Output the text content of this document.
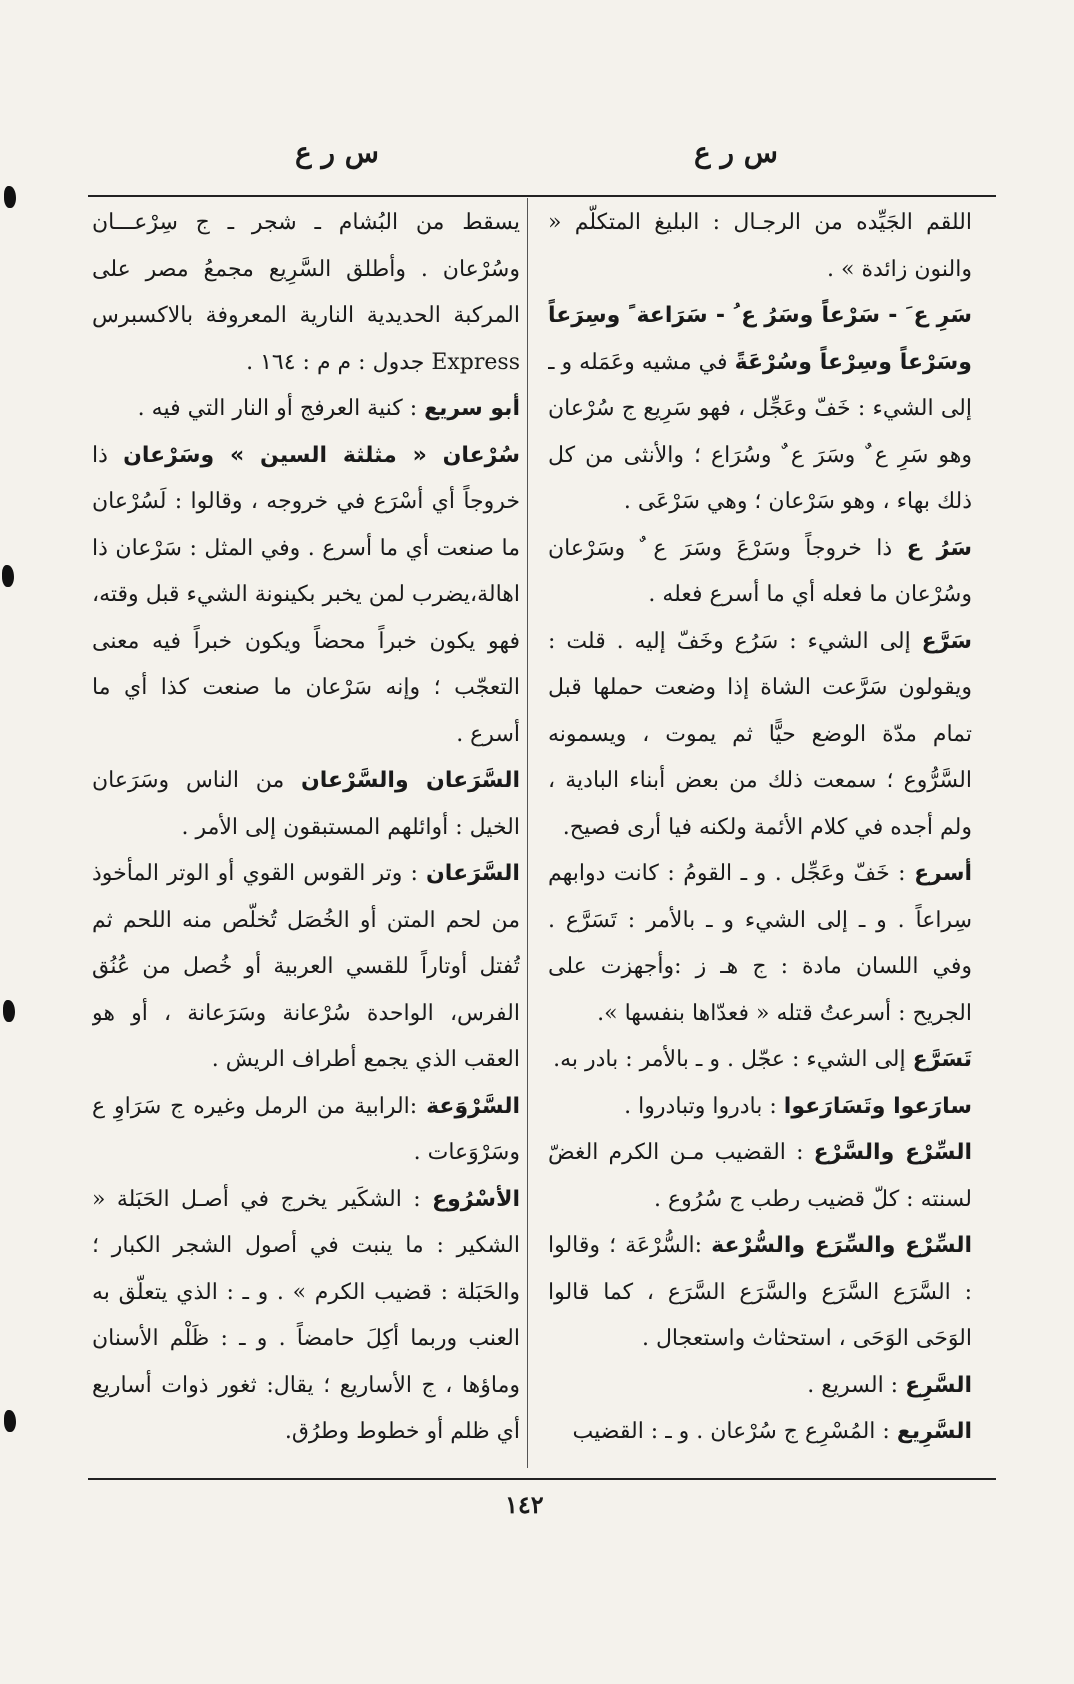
س ر ع
س ر ع

اللقم الجَيِّده من الرجـال : البليغ المتكلّم « والنون زائدة » .

سَرِ ع َ - سَرْعاً وسَرُ ع ُ - سَرَاعة ً وسِرَعاً وسَرْعاً وسِرْعاً وسُرْعَةً في مشيه وعَمَله و ـ إلى الشيء : خَفّ وعَجِّل ، فهو سَرِيع ج سُرْعان وهو سَرِ ع ٌ وسَرَ ع ٌ وسُرَاع ؛ والأنثى من كل ذلك بهاء ، وهو سَرْعان ؛ وهي سَرْعَى .

سَرُ ع ذا خروجاً وسَرْعَ وسَرَ ع ٌ وسَرْعان وسُرْعان ما فعله أي ما أسرع فعله .

سَرَّع إلى الشيء : سَرُع وخَفّ إليه . قلت : ويقولون سَرَّعت الشاة إذا وضعت حملها قبل تمام مدّة الوضع حيًّا ثم يموت ، ويسمونه السَّرُّوع ؛ سمعت ذلك من بعض أبناء البادية ، ولم أجده في كلام الأئمة ولكنه فيا أرى فصيح.

أسرع : خَفّ وعَجِّل . و ـ القومُ : كانت دوابهم سِراعاً . و ـ إلى الشيء و ـ بالأمر : تَسَرَّع . وفي اللسان مادة : ج هـ ز :وأجهزت على الجريح : أسرعتُ قتله « فعدّاها بنفسها ».

تَسَرَّع إلى الشيء : عجّل . و ـ بالأمر : بادر به.

سارَعوا وتَسَارَعوا : بادروا وتبادروا .

السِّرْع والسَّرْع : القضيب مـن الكرم الغضّ لسنته : كلّ قضيب رطب ج سُرُوع .

السِّرْع والسِّرَع والسُّرْعة :السُّرْعَة ؛ وقالوا : السَّرَع السَّرَع والسَّرَع السَّرَع ، كما قالوا الوَحَى الوَحَى ، استحثاث واستعجال .

السَّرِع : السريع .

السَّرِيع : المُسْرِع ج سُرْعان . و ـ : القضيب

يسقط من البُشام ـ شجر ـ ج سِرْعـــان وسُرْعان . وأطلق السَّرِيع مجمعُ مصر على المركبة الحديدية النارية المعروفة بالاكسبرس Express جدول : م م : ١٦٤ .

أبو سريع : كنية العرفج أو النار التي فيه .

سُرْعان « مثلثة السين » وسَرْعان ذا خروجاً أي أسْرَع في خروجه ، وقالوا : لَسُرْعان ما صنعت أي ما أسرع . وفي المثل : سَرْعان ذا اهالة،يضرب لمن يخبر بكينونة الشيء قبل وقته، فهو يكون خبراً محضاً ويكون خبراً فيه معنى التعجّب ؛ وإنه سَرْعان ما صنعت كذا أي ما أسرع .

السَّرَعان والسَّرْعان من الناس وسَرَعان الخيل : أوائلهم المستبقون إلى الأمر .

السَّرَعان : وتر القوس القوي أو الوتر المأخوذ من لحم المتن أو الخُصَل تُخلّص منه اللحم ثم تُفتل أوتاراً للقسي العربية أو خُصل من عُنُق الفرس، الواحدة سُرْعانة وسَرَعانة ، أو هو العقب الذي يجمع أطراف الريش .

السَّرْوَعة :الرابية من الرمل وغيره ج سَرَاوِ ع وسَرْوَعات .

الأسْرُوع : الشكَير يخرج في أصـل الحَبَلة « الشكير : ما ينبت في أصول الشجر الكبار ؛ والحَبَلة : قضيب الكرم » . و ـ : الذي يتعلّق به العنب وربما أكِلَ حامضاً . و ـ : ظَلْم الأسنان وماؤها ، ج الأساريع ؛ يقال: ثغور ذوات أساريع أي ظلم أو خطوط وطرُق.

١٤٢
